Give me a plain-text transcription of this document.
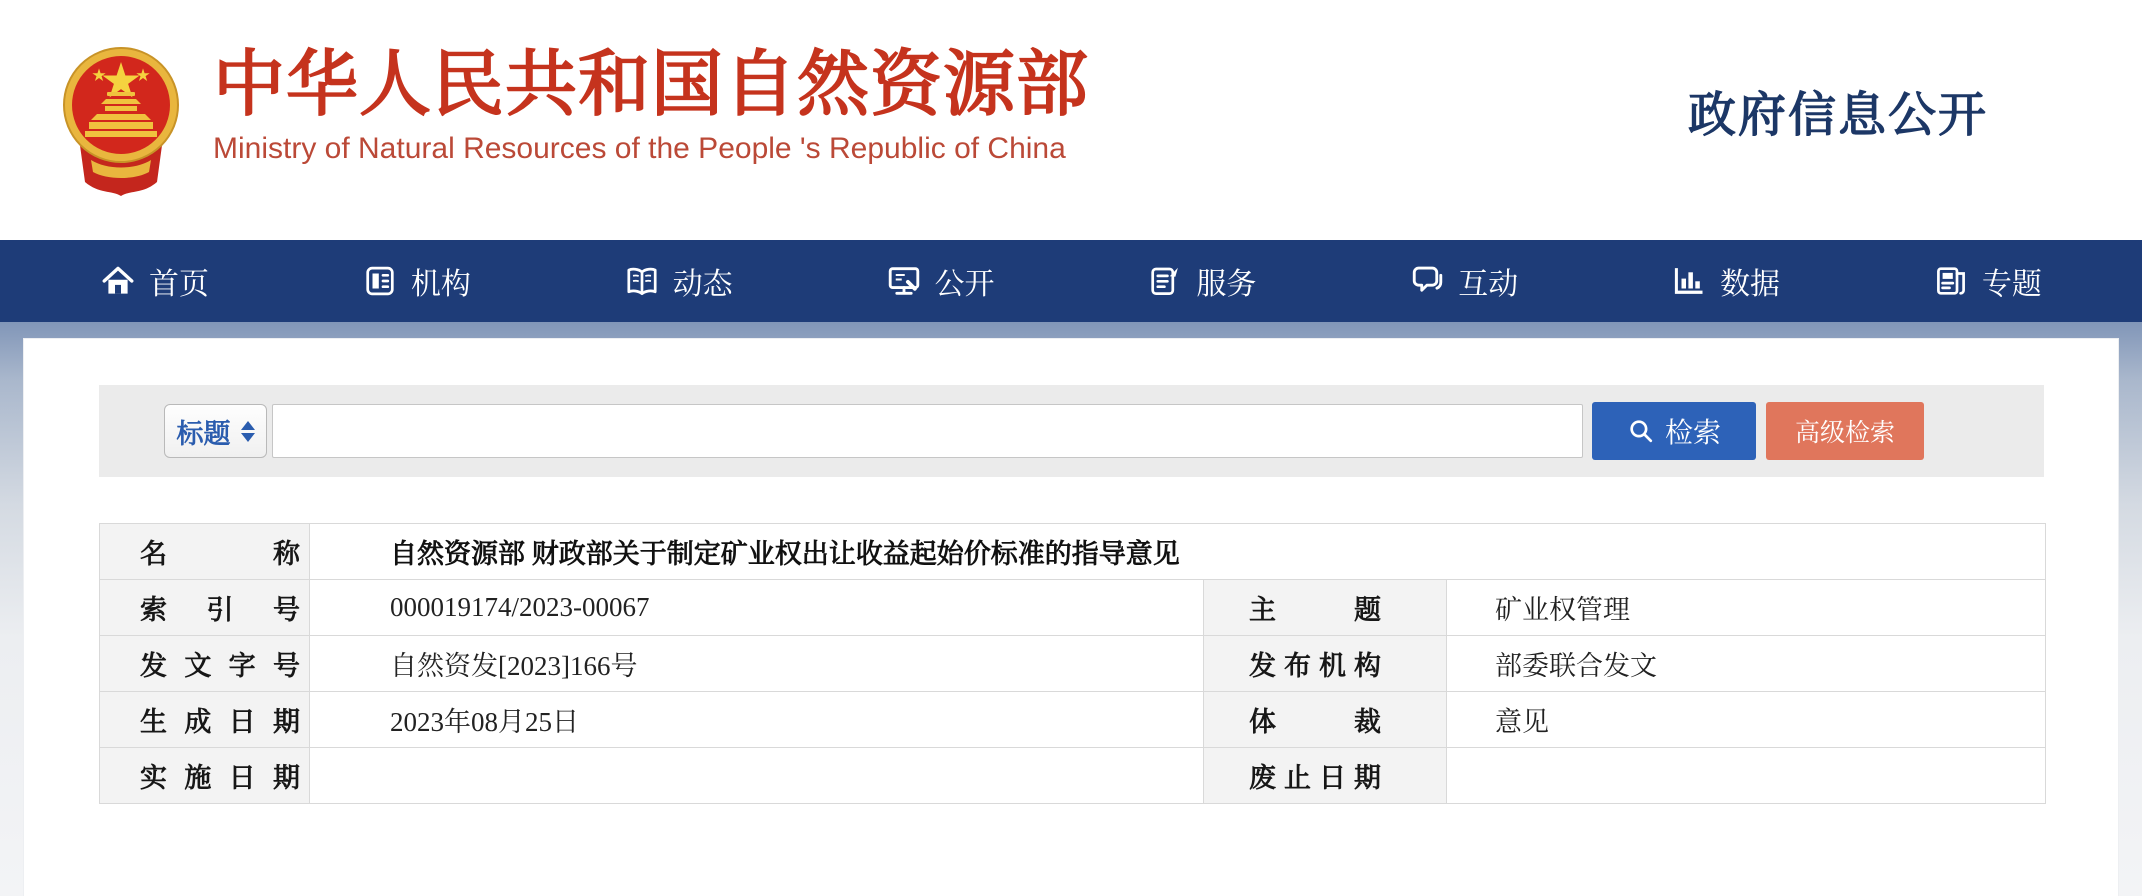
中华人民共和国自然资源部
Ministry of Natural Resources of the People 's Republic of China
政府信息公开
首页	机构	动态	公开	服务	互动	数据	专题
标题	检索	高级检索
名称	自然资源部 财政部关于制定矿业权出让收益起始价标准的指导意见		
索引号	000019174/2023-00067	主题	矿业权管理
发文字号	自然资发[2023]166号	发布机构	部委联合发文
生成日期	2023年08月25日	体裁	意见
实施日期		废止日期	
